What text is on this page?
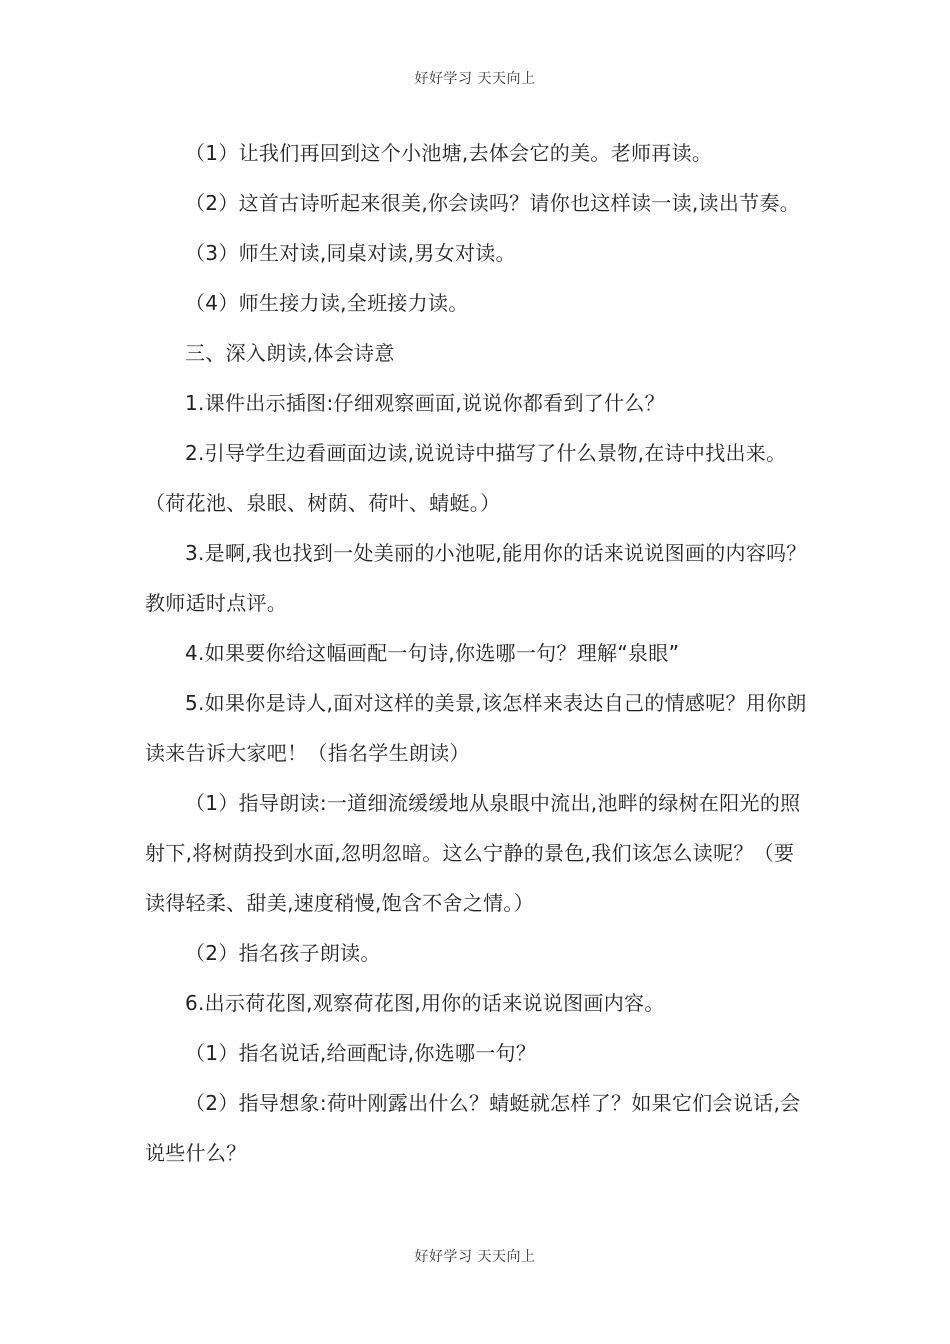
好好学习 天天向上

（1）让我们再回到这个小池塘,去体会它的美。老师再读。

（2）这首古诗听起来很美,你会读吗？请你也这样读一读,读出节奏。

（3）师生对读,同桌对读,男女对读。

（4）师生接力读,全班接力读。

三、深入朗读,体会诗意

1.课件出示插图:仔细观察画面,说说你都看到了什么？

2.引导学生边看画面边读,说说诗中描写了什么景物,在诗中找出来。（荷花池、泉眼、树荫、荷叶、蜻蜓。）

3.是啊,我也找到一处美丽的小池呢,能用你的话来说说图画的内容吗？教师适时点评。

4.如果要你给这幅画配一句诗,你选哪一句？理解“泉眼”

5.如果你是诗人,面对这样的美景,该怎样来表达自己的情感呢？用你朗读来告诉大家吧！（指名学生朗读）

（1）指导朗读:一道细流缓缓地从泉眼中流出,池畔的绿树在阳光的照射下,将树荫投到水面,忽明忽暗。这么宁静的景色,我们该怎么读呢？（要读得轻柔、甜美,速度稍慢,饱含不舍之情。）

（2）指名孩子朗读。

6.出示荷花图,观察荷花图,用你的话来说说图画内容。

（1）指名说话,给画配诗,你选哪一句？

（2）指导想象:荷叶刚露出什么？蜻蜓就怎样了？如果它们会说话,会说些什么？

好好学习 天天向上
